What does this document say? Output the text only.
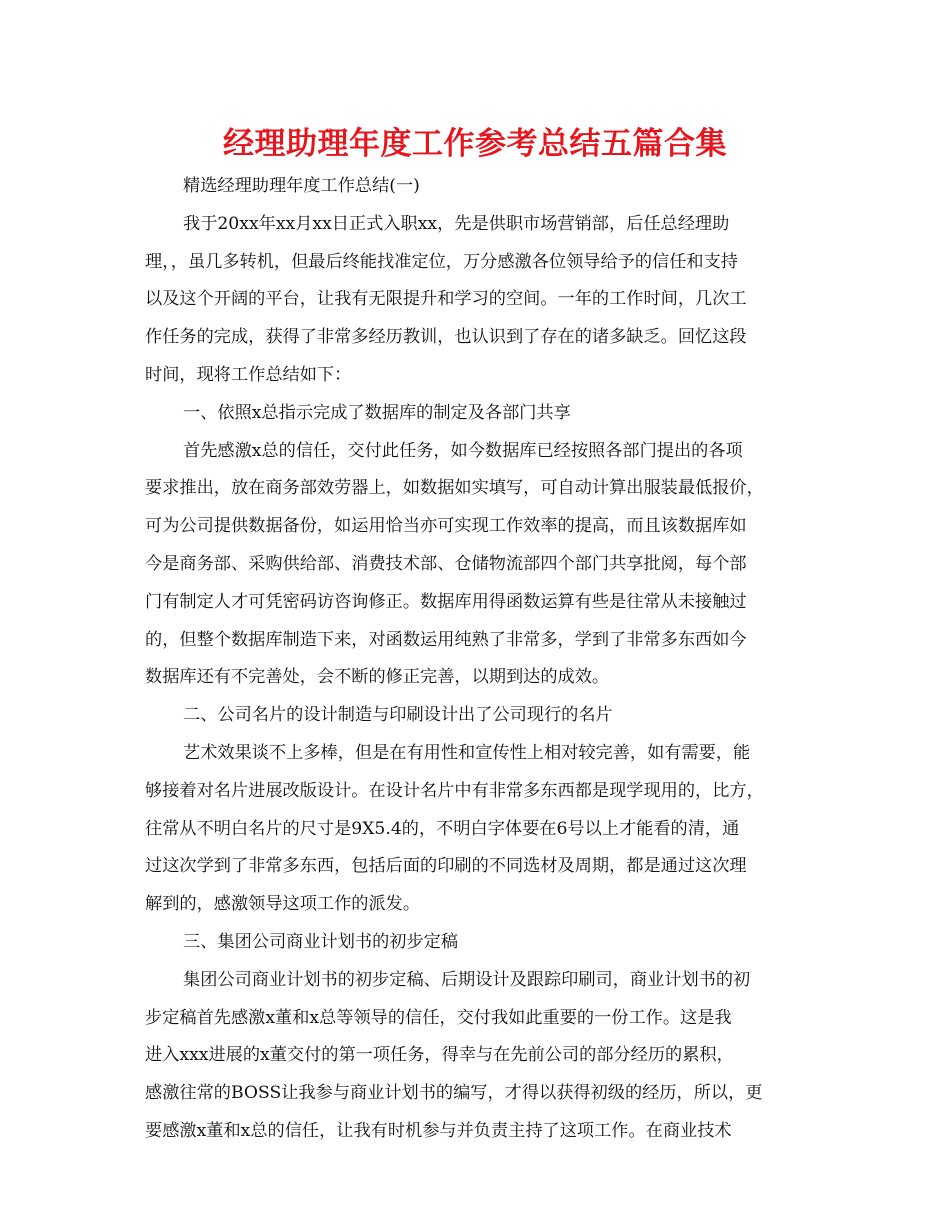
经理助理年度工作参考总结五篇合集
精选经理助理年度工作总结(一)
我于20xx年xx月xx日正式入职xx，先是供职市场营销部，后任总经理助
理，，虽几多转机，但最后终能找准定位，万分感激各位领导给予的信任和支持
以及这个开阔的平台，让我有无限提升和学习的空间。一年的工作时间，几次工
作任务的完成，获得了非常多经历教训，也认识到了存在的诸多缺乏。回忆这段
时间，现将工作总结如下：
一、依照x总指示完成了数据库的制定及各部门共享
首先感激x总的信任，交付此任务，如今数据库已经按照各部门提出的各项
要求推出，放在商务部效劳器上，如数据如实填写，可自动计算出服装最低报价，
可为公司提供数据备份，如运用恰当亦可实现工作效率的提高，而且该数据库如
今是商务部、采购供给部、消费技术部、仓储物流部四个部门共享批阅，每个部
门有制定人才可凭密码访咨询修正。数据库用得函数运算有些是往常从未接触过
的，但整个数据库制造下来，对函数运用纯熟了非常多，学到了非常多东西如今
数据库还有不完善处，会不断的修正完善，以期到达的成效。
二、公司名片的设计制造与印刷设计出了公司现行的名片
艺术效果谈不上多棒，但是在有用性和宣传性上相对较完善，如有需要，能
够接着对名片进展改版设计。在设计名片中有非常多东西都是现学现用的，比方，
往常从不明白名片的尺寸是9X5.4的，不明白字体要在6号以上才能看的清，通
过这次学到了非常多东西，包括后面的印刷的不同选材及周期，都是通过这次理
解到的，感激领导这项工作的派发。
三、集团公司商业计划书的初步定稿
集团公司商业计划书的初步定稿、后期设计及跟踪印刷司，商业计划书的初
步定稿首先感激x董和x总等领导的信任，交付我如此重要的一份工作。这是我
进入xxx进展的x董交付的第一项任务，得幸与在先前公司的部分经历的累积，
感激往常的BOSS让我参与商业计划书的编写，才得以获得初级的经历，所以，更
要感激x董和x总的信任，让我有时机参与并负责主持了这项工作。在商业技术
